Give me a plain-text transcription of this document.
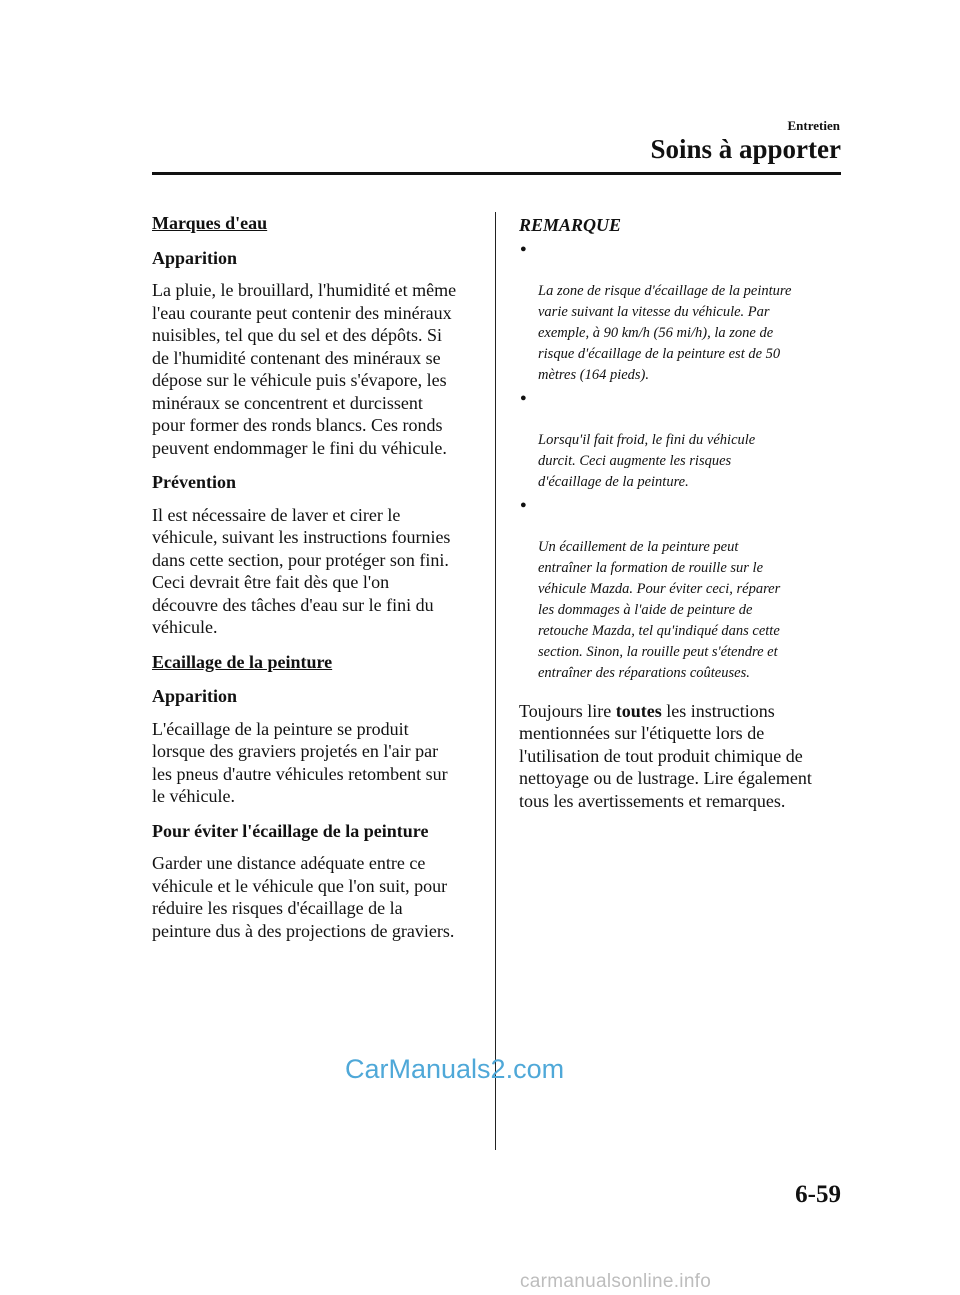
Entretien
Soins à apporter
Marques d'eau
Apparition
La pluie, le brouillard, l'humidité et même
l'eau courante peut contenir des minéraux
nuisibles, tel que du sel et des dépôts. Si
de l'humidité contenant des minéraux se
dépose sur le véhicule puis s'évapore, les
minéraux se concentrent et durcissent
pour former des ronds blancs. Ces ronds
peuvent endommager le fini du véhicule.
Prévention
Il est nécessaire de laver et cirer le
véhicule, suivant les instructions fournies
dans cette section, pour protéger son fini.
Ceci devrait être fait dès que l'on
découvre des tâches d'eau sur le fini du
véhicule.
Ecaillage de la peinture
Apparition
L'écaillage de la peinture se produit
lorsque des graviers projetés en l'air par
les pneus d'autre véhicules retombent sur
le véhicule.
Pour éviter l'écaillage de la peinture
Garder une distance adéquate entre ce
véhicule et le véhicule que l'on suit, pour
réduire les risques d'écaillage de la
peinture dus à des projections de graviers.
REMARQUE

●

La zone de risque d'écaillage de la peinture
varie suivant la vitesse du véhicule. Par
exemple, à 90 km/h (56 mi/h), la zone de
risque d'écaillage de la peinture est de 50
mètres (164 pieds).

●

Lorsqu'il fait froid, le fini du véhicule
durcit. Ceci augmente les risques
d'écaillage de la peinture.

●

Un écaillement de la peinture peut
entraîner la formation de rouille sur le
véhicule Mazda. Pour éviter ceci, réparer
les dommages à l'aide de peinture de
retouche Mazda, tel qu'indiqué dans cette
section. Sinon, la rouille peut s'étendre et
entraîner des réparations coûteuses.

Toujours lire toutes les instructions
mentionnées sur l'étiquette lors de
l'utilisation de tout produit chimique de
nettoyage ou de lustrage. Lire également
tous les avertissements et remarques.
CarManuals2.com
6-59
carmanualsonline.info
